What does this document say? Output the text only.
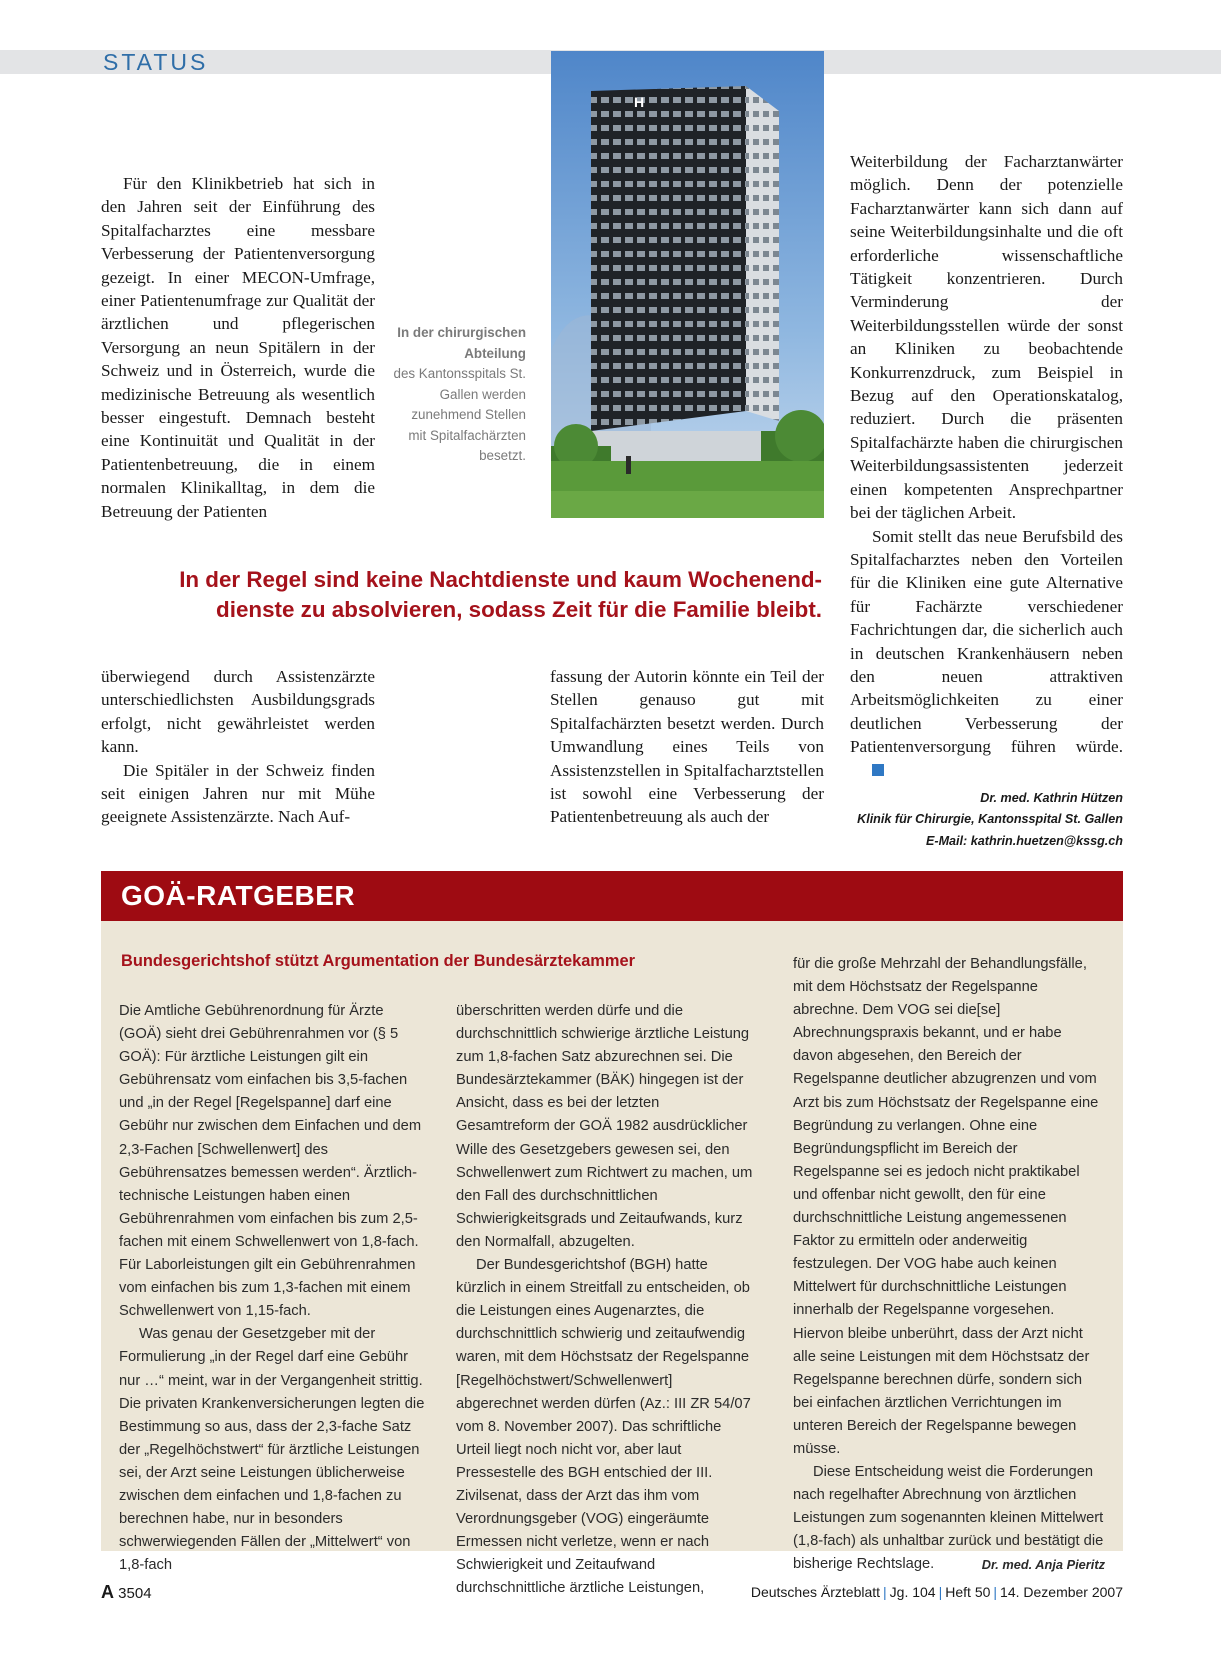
STATUS
H
In der chirurgischen Abteilung
des Kantonsspitals St. Gallen werden zunehmend Stellen mit Spitalfachärzten besetzt.

Für den Klinikbetrieb hat sich in den Jahren seit der Einführung des Spitalfacharztes eine messbare Verbesserung der Patientenversorgung gezeigt. In einer MECON-Umfrage, einer Patientenumfrage zur Qualität der ärztlichen und pflegerischen Versorgung an neun Spitälern in der Schweiz und in Österreich, wurde die medizinische Betreuung als wesentlich besser eingestuft. Demnach besteht eine Kontinuität und Qualität in der Patientenbetreuung, die in einem normalen Klinikalltag, in dem die Betreuung der Patienten

Weiterbildung der Facharztanwärter möglich. Denn der potenzielle Facharztanwärter kann sich dann auf seine Weiterbildungsinhalte und die oft erforderliche wissenschaftliche Tätigkeit konzentrieren. Durch Verminderung der Weiterbildungsstellen würde der sonst an Kliniken zu beobachtende Konkurrenzdruck, zum Beispiel in Bezug auf den Operationskatalog, reduziert. Durch die präsenten Spitalfachärzte haben die chirurgischen Weiterbildungsassistenten jederzeit einen kompetenten Ansprechpartner bei der täglichen Arbeit.

Somit stellt das neue Berufsbild des Spitalfacharztes neben den Vorteilen für die Kliniken eine gute Alternative für Fachärzte verschiedener Fachrichtungen dar, die sicherlich auch in deutschen Krankenhäusern neben den neuen attraktiven Arbeitsmöglichkeiten zu einer deutlichen Verbesserung der Patientenversorgung führen würde.

Dr. med. Kathrin Hützen
Klinik für Chirurgie, Kantonsspital St. Gallen
E-Mail: kathrin.huetzen@kssg.ch
In der Regel sind keine Nachtdienste und kaum Wochenend-
dienste zu absolvieren, sodass Zeit für die Familie bleibt.

überwiegend durch Assistenzärzte unterschiedlichsten Ausbildungsgrads erfolgt, nicht gewährleistet werden kann.

Die Spitäler in der Schweiz finden seit einigen Jahren nur mit Mühe geeignete Assistenzärzte. Nach Auf-

fassung der Autorin könnte ein Teil der Stellen genauso gut mit Spitalfachärzten besetzt werden. Durch Umwandlung eines Teils von Assistenzstellen in Spitalfacharztstellen ist sowohl eine Verbesserung der Patientenbetreuung als auch der

GOÄ-RATGEBER
Bundesgerichtshof stützt Argumentation der Bundesärztekammer

Die Amtliche Gebührenordnung für Ärzte (GOÄ) sieht drei Gebührenrahmen vor (§ 5 GOÄ): Für ärztliche Leistungen gilt ein Gebührensatz vom einfachen bis 3,5-fachen und „in der Regel [Regelspanne] darf eine Gebühr nur zwischen dem Einfachen und dem 2,3-Fachen [Schwellenwert] des Gebührensatzes bemessen werden“. Ärztlich-technische Leistungen haben einen Gebührenrahmen vom einfachen bis zum 2,5-fachen mit einem Schwellenwert von 1,8-fach. Für Laborleistungen gilt ein Gebührenrahmen vom einfachen bis zum 1,3-fachen mit einem Schwellenwert von 1,15-fach.

Was genau der Gesetzgeber mit der Formulierung „in der Regel darf eine Gebühr nur …“ meint, war in der Vergangenheit strittig. Die privaten Krankenversicherungen legten die Bestimmung so aus, dass der 2,3-fache Satz der „Regelhöchstwert“ für ärztliche Leistungen sei, der Arzt seine Leistungen üblicherweise zwischen dem einfachen und 1,8-fachen zu berechnen habe, nur in besonders schwerwiegenden Fällen der „Mittelwert“ von 1,8-fach

überschritten werden dürfe und die durchschnittlich schwierige ärztliche Leistung zum 1,8-fachen Satz abzurechnen sei. Die Bundesärztekammer (BÄK) hingegen ist der Ansicht, dass es bei der letzten Gesamtreform der GOÄ 1982 ausdrücklicher Wille des Gesetzgebers gewesen sei, den Schwellenwert zum Richtwert zu machen, um den Fall des durchschnittlichen Schwierigkeitsgrads und Zeitaufwands, kurz den Normalfall, abzugelten.

Der Bundesgerichtshof (BGH) hatte kürzlich in einem Streitfall zu entscheiden, ob die Leistungen eines Augenarztes, die durchschnittlich schwierig und zeitaufwendig waren, mit dem Höchstsatz der Regelspanne [Regelhöchstwert/Schwellenwert] abgerechnet werden dürfen (Az.: III ZR 54/07 vom 8. November 2007). Das schriftliche Urteil liegt noch nicht vor, aber laut Pressestelle des BGH entschied der III. Zivilsenat, dass der Arzt das ihm vom Verordnungsgeber (VOG) eingeräumte Ermessen nicht verletze, wenn er nach Schwierigkeit und Zeitaufwand durchschnittliche ärztliche Leistungen,

für die große Mehrzahl der Behandlungsfälle, mit dem Höchstsatz der Regelspanne abrechne. Dem VOG sei die[se] Abrechnungspraxis bekannt, und er habe davon abgesehen, den Bereich der Regelspanne deutlicher abzugrenzen und vom Arzt bis zum Höchstsatz der Regelspanne eine Begründung zu verlangen. Ohne eine Begründungspflicht im Bereich der Regelspanne sei es jedoch nicht praktikabel und offenbar nicht gewollt, den für eine durchschnittliche Leistung angemessenen Faktor zu ermitteln oder anderweitig festzulegen. Der VOG habe auch keinen Mittelwert für durchschnittliche Leistungen innerhalb der Regelspanne vorgesehen. Hiervon bleibe unberührt, dass der Arzt nicht alle seine Leistungen mit dem Höchstsatz der Regelspanne berechnen dürfe, sondern sich bei einfachen ärztlichen Verrichtungen im unteren Bereich der Regelspanne bewegen müsse.

Diese Entscheidung weist die Forderungen nach regelhafter Abrechnung von ärztlichen Leistungen zum sogenannten kleinen Mittelwert (1,8-fach) als unhaltbar zurück und bestätigt die bisherige Rechtslage.	Dr. med. Anja Pieritz

A 3504	Deutsches Ärzteblatt | Jg. 104 | Heft 50 | 14. Dezember 2007
